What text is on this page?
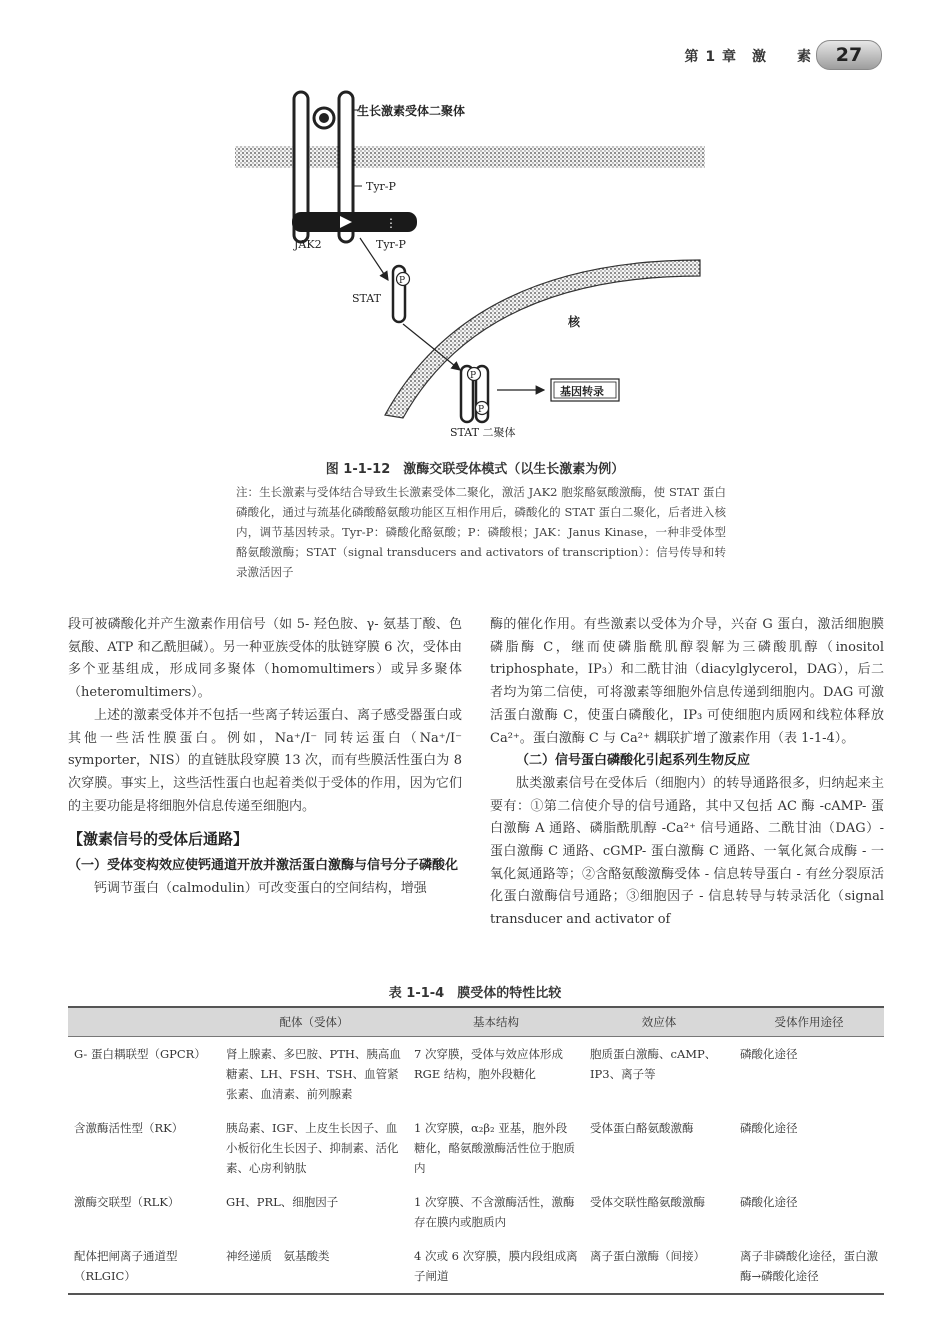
第 1 章　激　　素	27
生长激素受体二聚体
Tyr-P
⋮
JAK2	Tyr-P
P
STAT
P
P
STAT 二聚体
核
基因转录
图 1-1-12　激酶交联受体模式（以生长激素为例）
注：生长激素与受体结合导致生长激素受体二聚化，激活 JAK2 胞浆酪氨酸激酶，使 STAT 蛋白磷酸化，通过与巯基化磷酸酪氨酸功能区互相作用后，磷酸化的 STAT 蛋白二聚化，后者进入核内，调节基因转录。Tyr-P：磷酸化酪氨酸；P：磷酸根；JAK：Janus Kinase，一种非受体型酪氨酸激酶；STAT（signal transducers and activators of transcription）：信号传导和转录激活因子

段可被磷酸化并产生激素作用信号（如 5- 羟色胺、γ- 氨基丁酸、色氨酸、ATP 和乙酰胆碱）。另一种亚族受体的肽链穿膜 6 次，受体由多个亚基组成，形成同多聚体（homomultimers）或异多聚体（heteromultimers）。

上述的激素受体并不包括一些离子转运蛋白、离子感受器蛋白或其他一些活性膜蛋白。例如，Na⁺/I⁻ 同转运蛋白（Na⁺/I⁻ symporter，NIS）的直链肽段穿膜 13 次，而有些膜活性蛋白为 8 次穿膜。事实上，这些活性蛋白也起着类似于受体的作用，因为它们的主要功能是将细胞外信息传递至细胞内。

【激素信号的受体后通路】

（一）受体变构效应使钙通道开放并激活蛋白激酶与信号分子磷酸化

钙调节蛋白（calmodulin）可改变蛋白的空间结构，增强

酶的催化作用。有些激素以受体为介导，兴奋 G 蛋白，激活细胞膜磷脂酶 C，继而使磷脂酰肌醇裂解为三磷酸肌醇（inositol triphosphate，IP₃）和二酰甘油（diacylglycerol，DAG），后二者均为第二信使，可将激素等细胞外信息传递到细胞内。DAG 可激活蛋白激酶 C，使蛋白磷酸化，IP₃ 可使细胞内质网和线粒体释放 Ca²⁺。蛋白激酶 C 与 Ca²⁺ 耦联扩增了激素作用（表 1-1-4）。

（二）信号蛋白磷酸化引起系列生物反应

肽类激素信号在受体后（细胞内）的转导通路很多，归纳起来主要有：①第二信使介导的信号通路，其中又包括 AC 酶 -cAMP- 蛋白激酶 A 通路、磷脂酰肌醇 -Ca²⁺ 信号通路、二酰甘油（DAG）- 蛋白激酶 C 通路、cGMP- 蛋白激酶 C 通路、一氧化氮合成酶 - 一氧化氮通路等；②含酪氨酸激酶受体 - 信息转导蛋白 - 有丝分裂原活化蛋白激酶信号通路；③细胞因子 - 信息转导与转录活化（signal transducer and activator of

表 1-1-4　膜受体的特性比较
	配体（受体）	基本结构	效应体	受体作用途径
G- 蛋白耦联型（GPCR）	肾上腺素、多巴胺、PTH、胰高血糖素、LH、FSH、TSH、血管紧张素、血清素、前列腺素	7 次穿膜，受体与效应体形成 RGE 结构，胞外段糖化	胞质蛋白激酶、cAMP、IP3、离子等	磷酸化途径
含激酶活性型（RK）	胰岛素、IGF、上皮生长因子、血小板衍化生长因子、抑制素、活化素、心房利钠肽	1 次穿膜，α₂β₂ 亚基，胞外段糖化，酪氨酸激酶活性位于胞质内	受体蛋白酪氨酸激酶	磷酸化途径
激酶交联型（RLK）	GH、PRL、细胞因子	1 次穿膜、不含激酶活性，激酶存在膜内或胞质内	受体交联性酪氨酸激酶	磷酸化途径
配体把闸离子通道型（RLGIC）	神经递质　氨基酸类	4 次或 6 次穿膜，膜内段组成离子闸道	离子蛋白激酶（间接）	离子非磷酸化途径，蛋白激酶→磷酸化途径
